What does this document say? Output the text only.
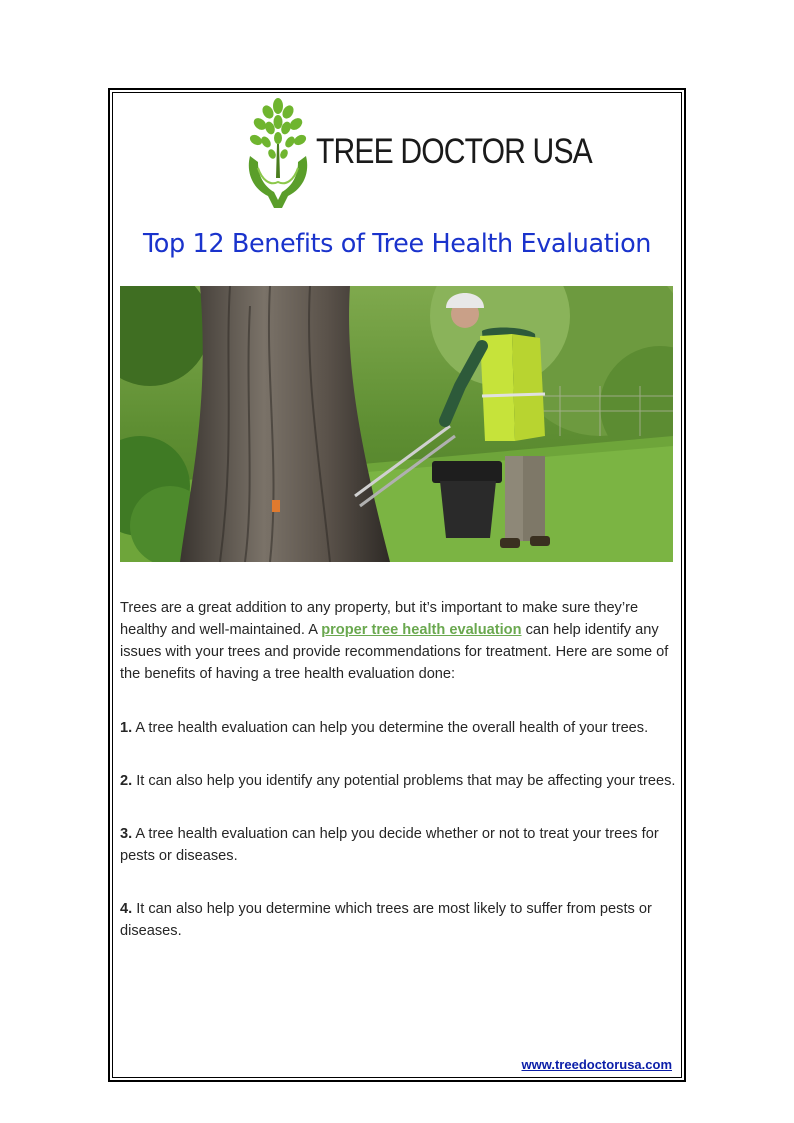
TREE DOCTOR USA
Top 12 Benefits of Tree Health Evaluation

Trees are a great addition to any property, but it’s important to make sure they’re healthy and well-maintained. A proper tree health evaluation can help identify any issues with your trees and provide recommendations for treatment. Here are some of the benefits of having a tree health evaluation done:

1. A tree health evaluation can help you determine the overall health of your trees.

2. It can also help you identify any potential problems that may be affecting your trees.

3. A tree health evaluation can help you decide whether or not to treat your trees for pests or diseases.

4. It can also help you determine which trees are most likely to suffer from pests or diseases.

www.treedoctorusa.com
